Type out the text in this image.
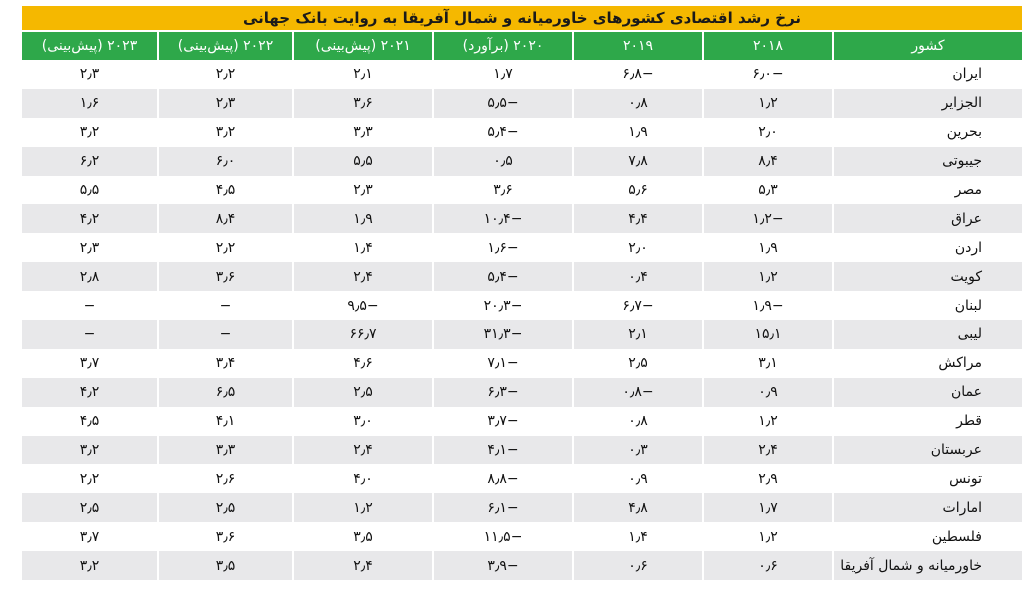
نرخ رشد اقتصادی کشورهای خاورمیانه و شمال آفریقا به روایت بانک جهانی
کشور	۲۰۱۸	۲۰۱۹	۲۰۲۰ (برآورد)	۲۰۲۱ (پیش‌بینی)	۲۰۲۲ (پیش‌بینی)	۲۰۲۳ (پیش‌بینی)
ایران	−۶٫۰	−۶٫۸	۱٫۷	۲٫۱	۲٫۲	۲٫۳
الجزایر	۱٫۲	۰٫۸	−۵٫۵	۳٫۶	۲٫۳	۱٫۶
بحرین	۲٫۰	۱٫۹	−۵٫۴	۳٫۳	۳٫۲	۳٫۲
جیبوتی	۸٫۴	۷٫۸	۰٫۵	۵٫۵	۶٫۰	۶٫۲
مصر	۵٫۳	۵٫۶	۳٫۶	۲٫۳	۴٫۵	۵٫۵
عراق	−۱٫۲	۴٫۴	−۱۰٫۴	۱٫۹	۸٫۴	۴٫۲
اردن	۱٫۹	۲٫۰	−۱٫۶	۱٫۴	۲٫۲	۲٫۳
کویت	۱٫۲	۰٫۴	−۵٫۴	۲٫۴	۳٫۶	۲٫۸
لبنان	−۱٫۹	−۶٫۷	−۲۰٫۳	−۹٫۵	−	−
لیبی	۱۵٫۱	۲٫۱	−۳۱٫۳	۶۶٫۷	−	−
مراکش	۳٫۱	۲٫۵	−۷٫۱	۴٫۶	۳٫۴	۳٫۷
عمان	۰٫۹	−۰٫۸	−۶٫۳	۲٫۵	۶٫۵	۴٫۲
قطر	۱٫۲	۰٫۸	−۳٫۷	۳٫۰	۴٫۱	۴٫۵
عربستان	۲٫۴	۰٫۳	−۴٫۱	۲٫۴	۳٫۳	۳٫۲
تونس	۲٫۹	۰٫۹	−۸٫۸	۴٫۰	۲٫۶	۲٫۲
امارات	۱٫۷	۴٫۸	−۶٫۱	۱٫۲	۲٫۵	۲٫۵
فلسطین	۱٫۲	۱٫۴	−۱۱٫۵	۳٫۵	۳٫۶	۳٫۷
خاورمیانه و شمال آفریقا	۰٫۶	۰٫۶	−۳٫۹	۲٫۴	۳٫۵	۳٫۲
